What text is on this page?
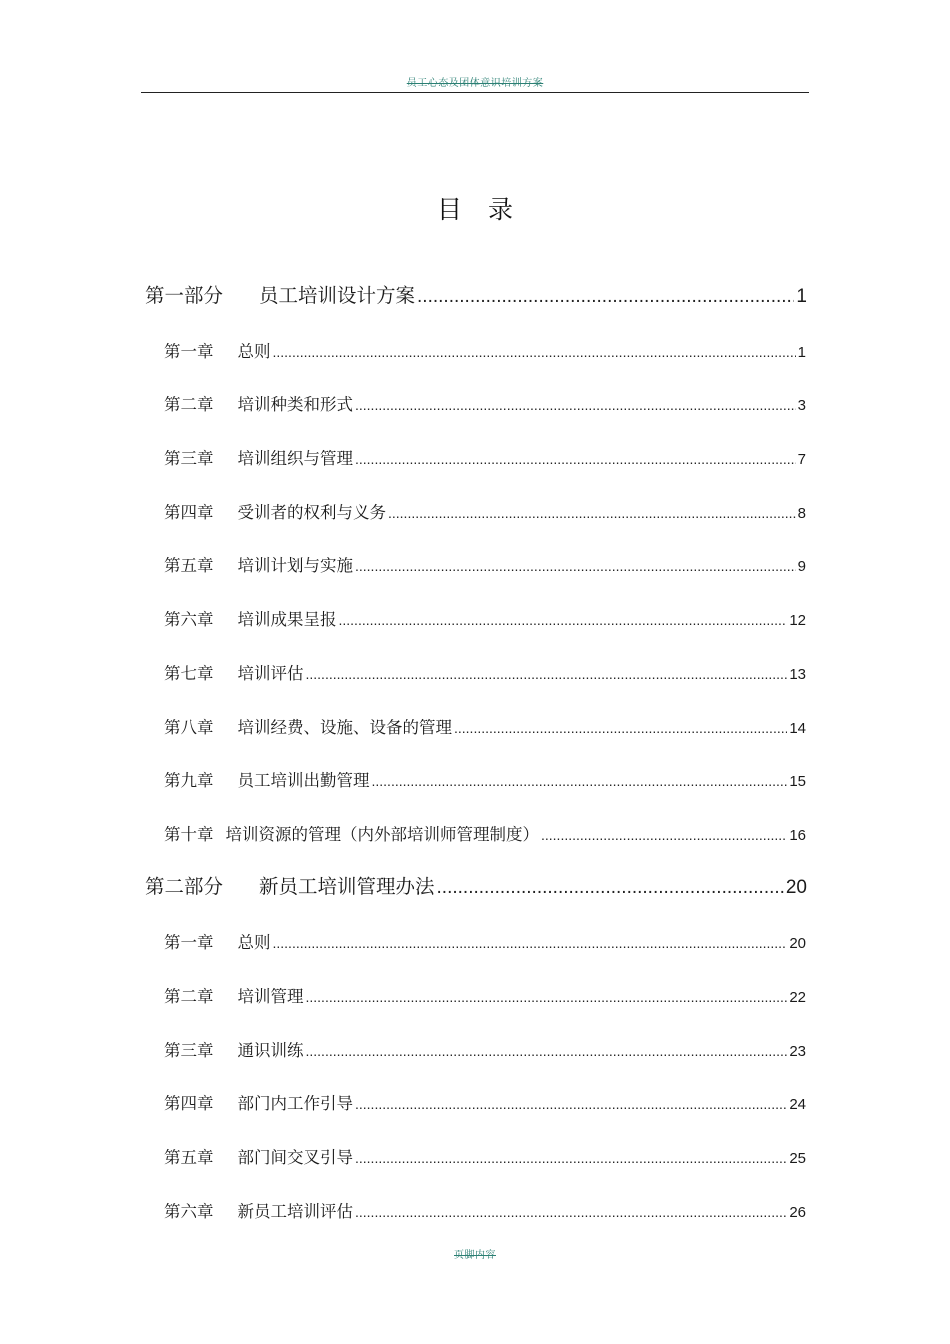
员工心态及团体意识培训方案
目录
第一部分 员工培训设计方案 .....	1
第一章 总则 .....	1
第二章 培训种类和形式 .....	3
第三章 培训组织与管理 .....	7
第四章 受训者的权利与义务 .....	8
第五章 培训计划与实施 .....	9
第六章 培训成果呈报 .....	12
第七章 培训评估 .....	13
第八章 培训经费、设施、设备的管理 .....	14
第九章 员工培训出勤管理 .....	15
第十章 培训资源的管理（内外部培训师管理制度） .....	16
第二部分 新员工培训管理办法 .....	20
第一章 总则 .....	20
第二章 培训管理 .....	22
第三章 通识训练 .....	23
第四章 部门内工作引导 .....	24
第五章 部门间交叉引导 .....	25
第六章 新员工培训评估 .....	26
页脚内容
